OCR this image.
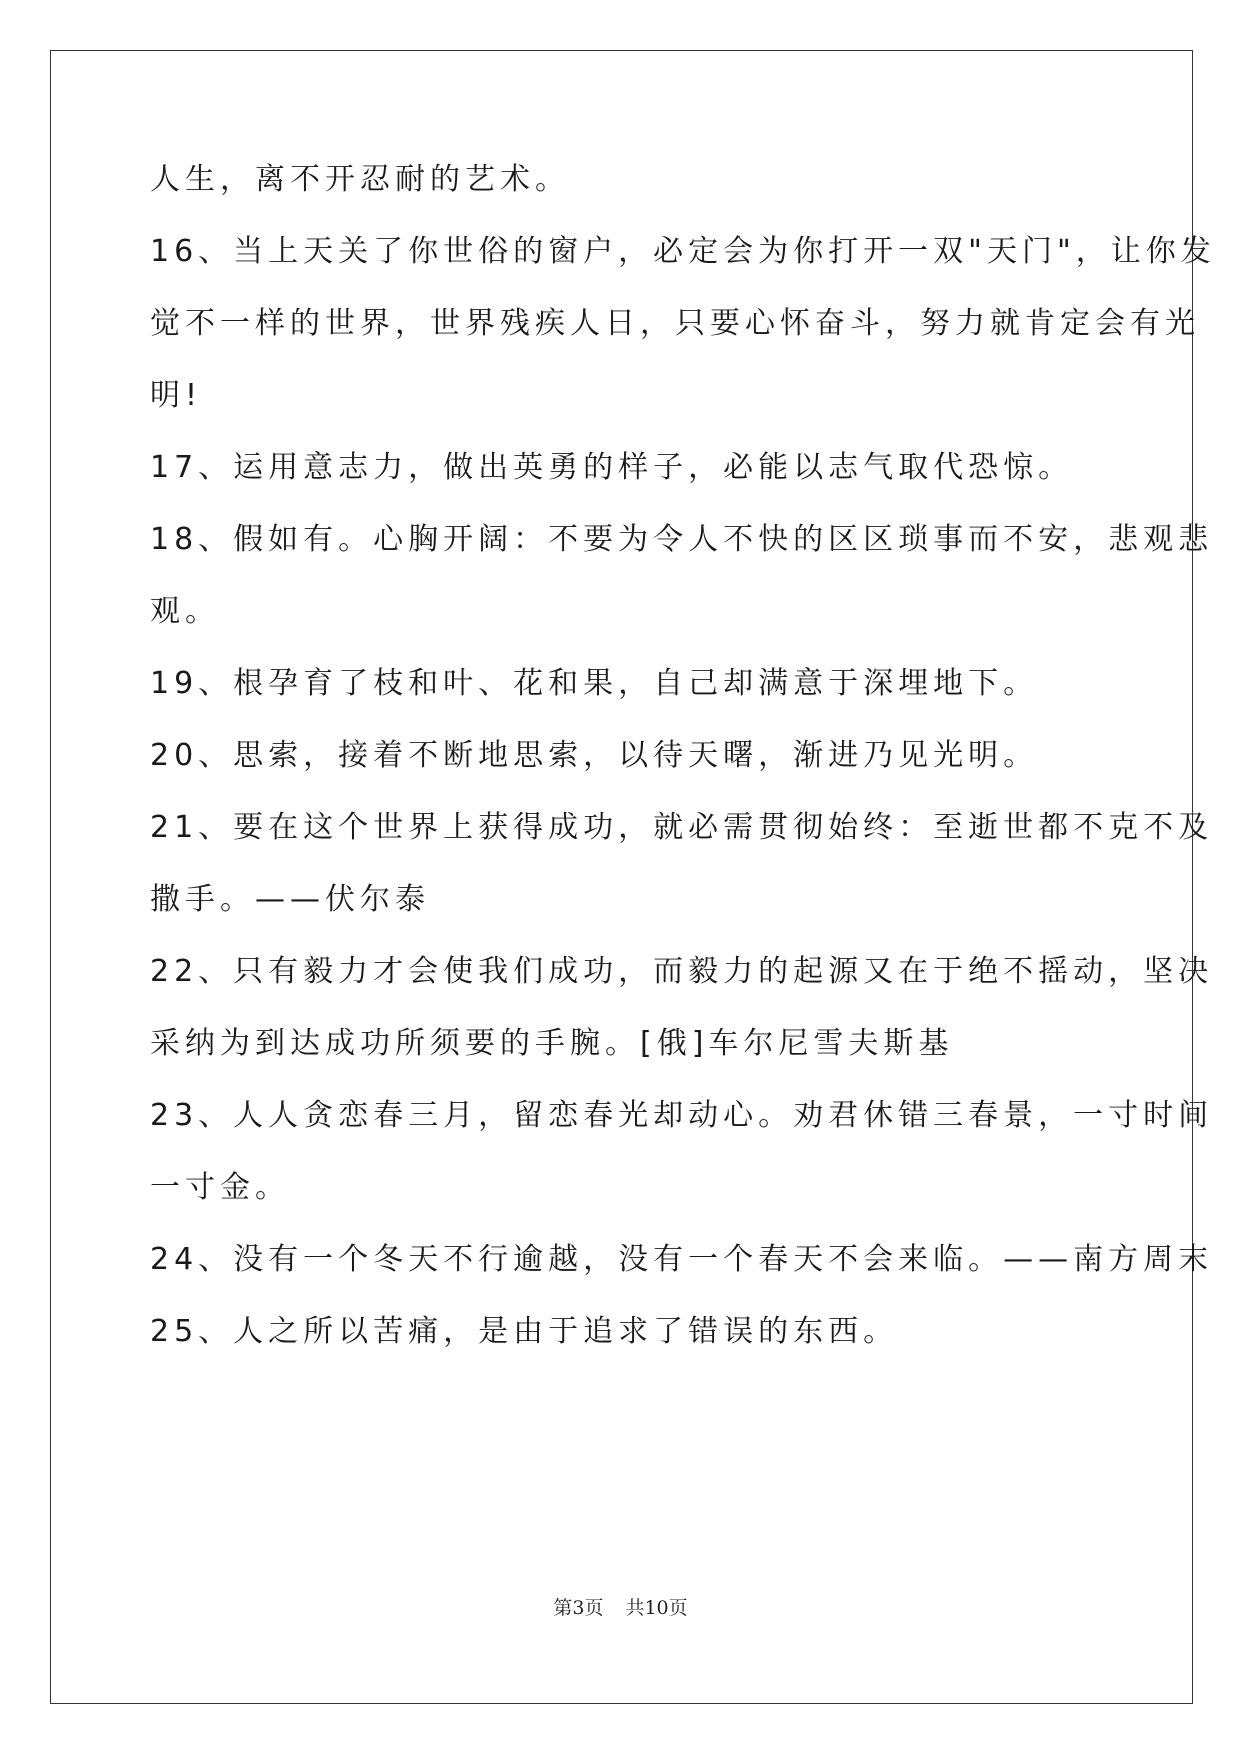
人生，离不开忍耐的艺术。
16、当上天关了你世俗的窗户，必定会为你打开一双"天门"，让你发
觉不一样的世界，世界残疾人日，只要心怀奋斗，努力就肯定会有光
明!
17、运用意志力，做出英勇的样子，必能以志气取代恐惊。
18、假如有。心胸开阔：不要为令人不快的区区琐事而不安，悲观悲
观。
19、根孕育了枝和叶、花和果，自己却满意于深埋地下。
20、思索，接着不断地思索，以待天曙，渐进乃见光明。
21、要在这个世界上获得成功，就必需贯彻始终：至逝世都不克不及
撒手。——伏尔泰
22、只有毅力才会使我们成功，而毅力的起源又在于绝不摇动，坚决
采纳为到达成功所须要的手腕。[俄]车尔尼雪夫斯基
23、人人贪恋春三月，留恋春光却动心。劝君休错三春景，一寸时间
一寸金。
24、没有一个冬天不行逾越，没有一个春天不会来临。——南方周末
25、人之所以苦痛，是由于追求了错误的东西。
第3页 共10页
